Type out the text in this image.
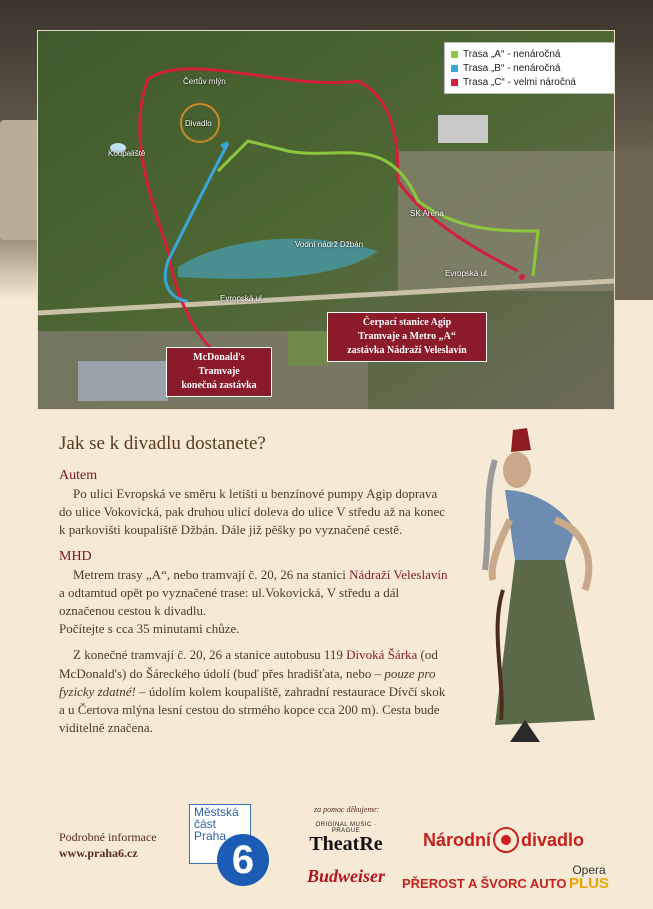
Trasa „A“ - nenáročná
Trasa „B“ - nenáročná
Trasa „C“ - velmi náročná
Čertův mlýn
Divadlo
Koupaliště
SK Aréna
Vodní nádrž Džbán
Evropská ul.
Evropská ul.
Čerpací stanice Agip
Tramvaje a Metro „A“
zastávka Nádraží Veleslavín
McDonald's
Tramvaje
konečná zastávka
Jak se k divadlu dostanete?
Autem

Po ulici Evropská ve směru k letišti u benzínové pumpy Agip doprava do ulice Vokovická, pak druhou ulicí doleva do ulice V středu až na konec k parkovišti koupaliště Džbán. Dále již pěšky po vyznačené cestě.

MHD

Metrem trasy „A“, nebo tramvají č. 20, 26 na stanici Nádraží Veleslavín a odtamtud opět po vyznačené trase: ul.Vokovická, V středu a dál označenou cestou k divadlu.

Počítejte s cca 35 minutami chůze.

Z konečné tramvají č. 20, 26 a stanice autobusu 119 Divoká Šárka (od McDonald's) do Šáreckého údolí (buď přes hradišťata, nebo – pouze pro fyzicky zdatné! – údolím kolem koupaliště, zahradní restaurace Dívčí skok a u Čertova mlýna lesní cestou do strmého kopce cca 200 m). Cesta bude viditelně značena.

Podrobné informace
www.praha6.cz
Městská
část
Praha
6
za pomoc děkujeme:
ORIGINAL MUSIC · PRAGUE
TheatRe Národní divadlo
Budweiser PŘEROST A ŠVORC AUTO
Opera
PLUS
